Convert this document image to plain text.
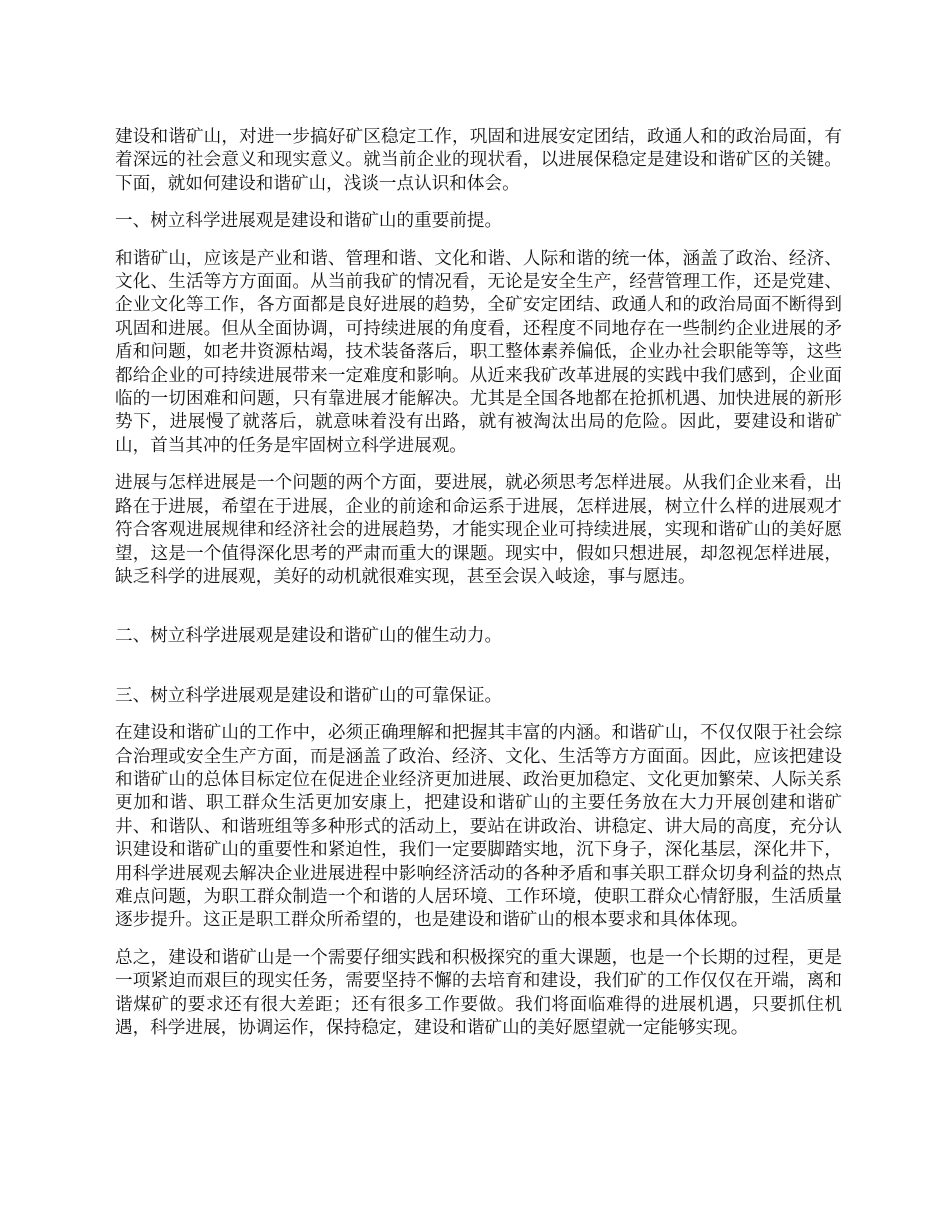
建设和谐矿山，对进一步搞好矿区稳定工作，巩固和进展安定团结，政通人和的政治局面，有着深远的社会意义和现实意义。就当前企业的现状看，以进展保稳定是建设和谐矿区的关键。下面，就如何建设和谐矿山，浅谈一点认识和体会。

一、树立科学进展观是建设和谐矿山的重要前提。

和谐矿山，应该是产业和谐、管理和谐、文化和谐、人际和谐的统一体，涵盖了政治、经济、文化、生活等方方面面。从当前我矿的情况看，无论是安全生产，经营管理工作，还是党建、企业文化等工作，各方面都是良好进展的趋势，全矿安定团结、政通人和的政治局面不断得到巩固和进展。但从全面协调，可持续进展的角度看，还程度不同地存在一些制约企业进展的矛盾和问题，如老井资源枯竭，技术装备落后，职工整体素养偏低，企业办社会职能等等，这些都给企业的可持续进展带来一定难度和影响。从近来我矿改革进展的实践中我们感到，企业面临的一切困难和问题，只有靠进展才能解决。尤其是全国各地都在抢抓机遇、加快进展的新形势下，进展慢了就落后，就意味着没有出路，就有被淘汰出局的危险。因此，要建设和谐矿山，首当其冲的任务是牢固树立科学进展观。

进展与怎样进展是一个问题的两个方面，要进展，就必须思考怎样进展。从我们企业来看，出路在于进展，希望在于进展，企业的前途和命运系于进展，怎样进展，树立什么样的进展观才符合客观进展规律和经济社会的进展趋势，才能实现企业可持续进展，实现和谐矿山的美好愿望，这是一个值得深化思考的严肃而重大的课题。现实中，假如只想进展，却忽视怎样进展，缺乏科学的进展观，美好的动机就很难实现，甚至会误入岐途，事与愿违。

二、树立科学进展观是建设和谐矿山的催生动力。

三、树立科学进展观是建设和谐矿山的可靠保证。

在建设和谐矿山的工作中，必须正确理解和把握其丰富的内涵。和谐矿山，不仅仅限于社会综合治理或安全生产方面，而是涵盖了政治、经济、文化、生活等方方面面。因此，应该把建设和谐矿山的总体目标定位在促进企业经济更加进展、政治更加稳定、文化更加繁荣、人际关系更加和谐、职工群众生活更加安康上，把建设和谐矿山的主要任务放在大力开展创建和谐矿井、和谐队、和谐班组等多种形式的活动上，要站在讲政治、讲稳定、讲大局的高度，充分认识建设和谐矿山的重要性和紧迫性，我们一定要脚踏实地，沉下身子，深化基层，深化井下，用科学进展观去解决企业进展进程中影响经济活动的各种矛盾和事关职工群众切身利益的热点难点问题，为职工群众制造一个和谐的人居环境、工作环境，使职工群众心情舒服，生活质量逐步提升。这正是职工群众所希望的，也是建设和谐矿山的根本要求和具体体现。

总之，建设和谐矿山是一个需要仔细实践和积极探究的重大课题，也是一个长期的过程，更是一项紧迫而艰巨的现实任务，需要坚持不懈的去培育和建设，我们矿的工作仅仅在开端，离和谐煤矿的要求还有很大差距；还有很多工作要做。我们将面临难得的进展机遇，只要抓住机遇，科学进展，协调运作，保持稳定，建设和谐矿山的美好愿望就一定能够实现。
